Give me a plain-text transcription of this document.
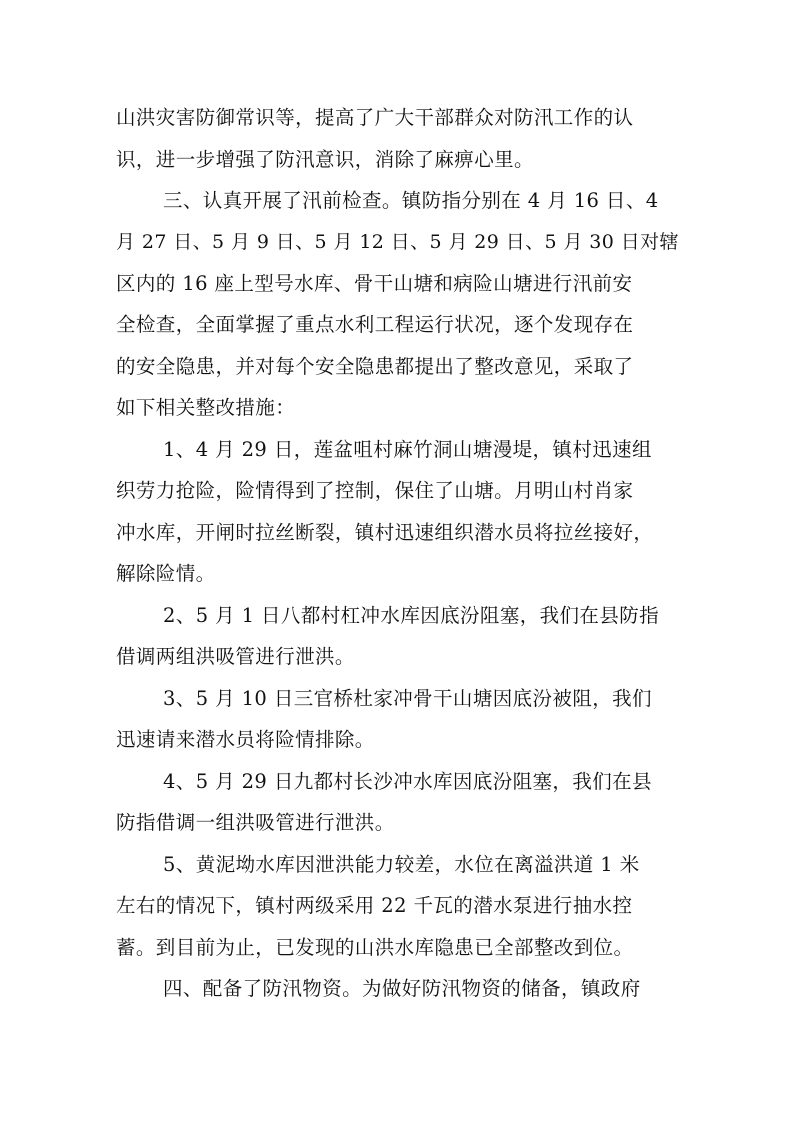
山洪灾害防御常识等，提高了广大干部群众对防汛工作的认
识，进一步增强了防汛意识，消除了麻痹心里。
三、认真开展了汛前检查。镇防指分别在 4 月 16 日、4
月 27 日、5 月 9 日、5 月 12 日、5 月 29 日、5 月 30 日对辖
区内的 16 座上型号水库、骨干山塘和病险山塘进行汛前安
全检查，全面掌握了重点水利工程运行状况，逐个发现存在
的安全隐患，并对每个安全隐患都提出了整改意见，采取了
如下相关整改措施：
1、4 月 29 日，莲盆咀村麻竹洞山塘漫堤，镇村迅速组
织劳力抢险，险情得到了控制，保住了山塘。月明山村肖家
冲水库，开闸时拉丝断裂，镇村迅速组织潜水员将拉丝接好，
解除险情。
2、5 月 1 日八都村杠冲水库因底汾阻塞，我们在县防指
借调两组洪吸管进行泄洪。
3、5 月 10 日三官桥杜家冲骨干山塘因底汾被阻，我们
迅速请来潜水员将险情排除。
4、5 月 29 日九都村长沙冲水库因底汾阻塞，我们在县
防指借调一组洪吸管进行泄洪。
5、黄泥坳水库因泄洪能力较差，水位在离溢洪道 1 米
左右的情况下，镇村两级采用 22 千瓦的潜水泵进行抽水控
蓄。到目前为止，已发现的山洪水库隐患已全部整改到位。
四、配备了防汛物资。为做好防汛物资的储备，镇政府
